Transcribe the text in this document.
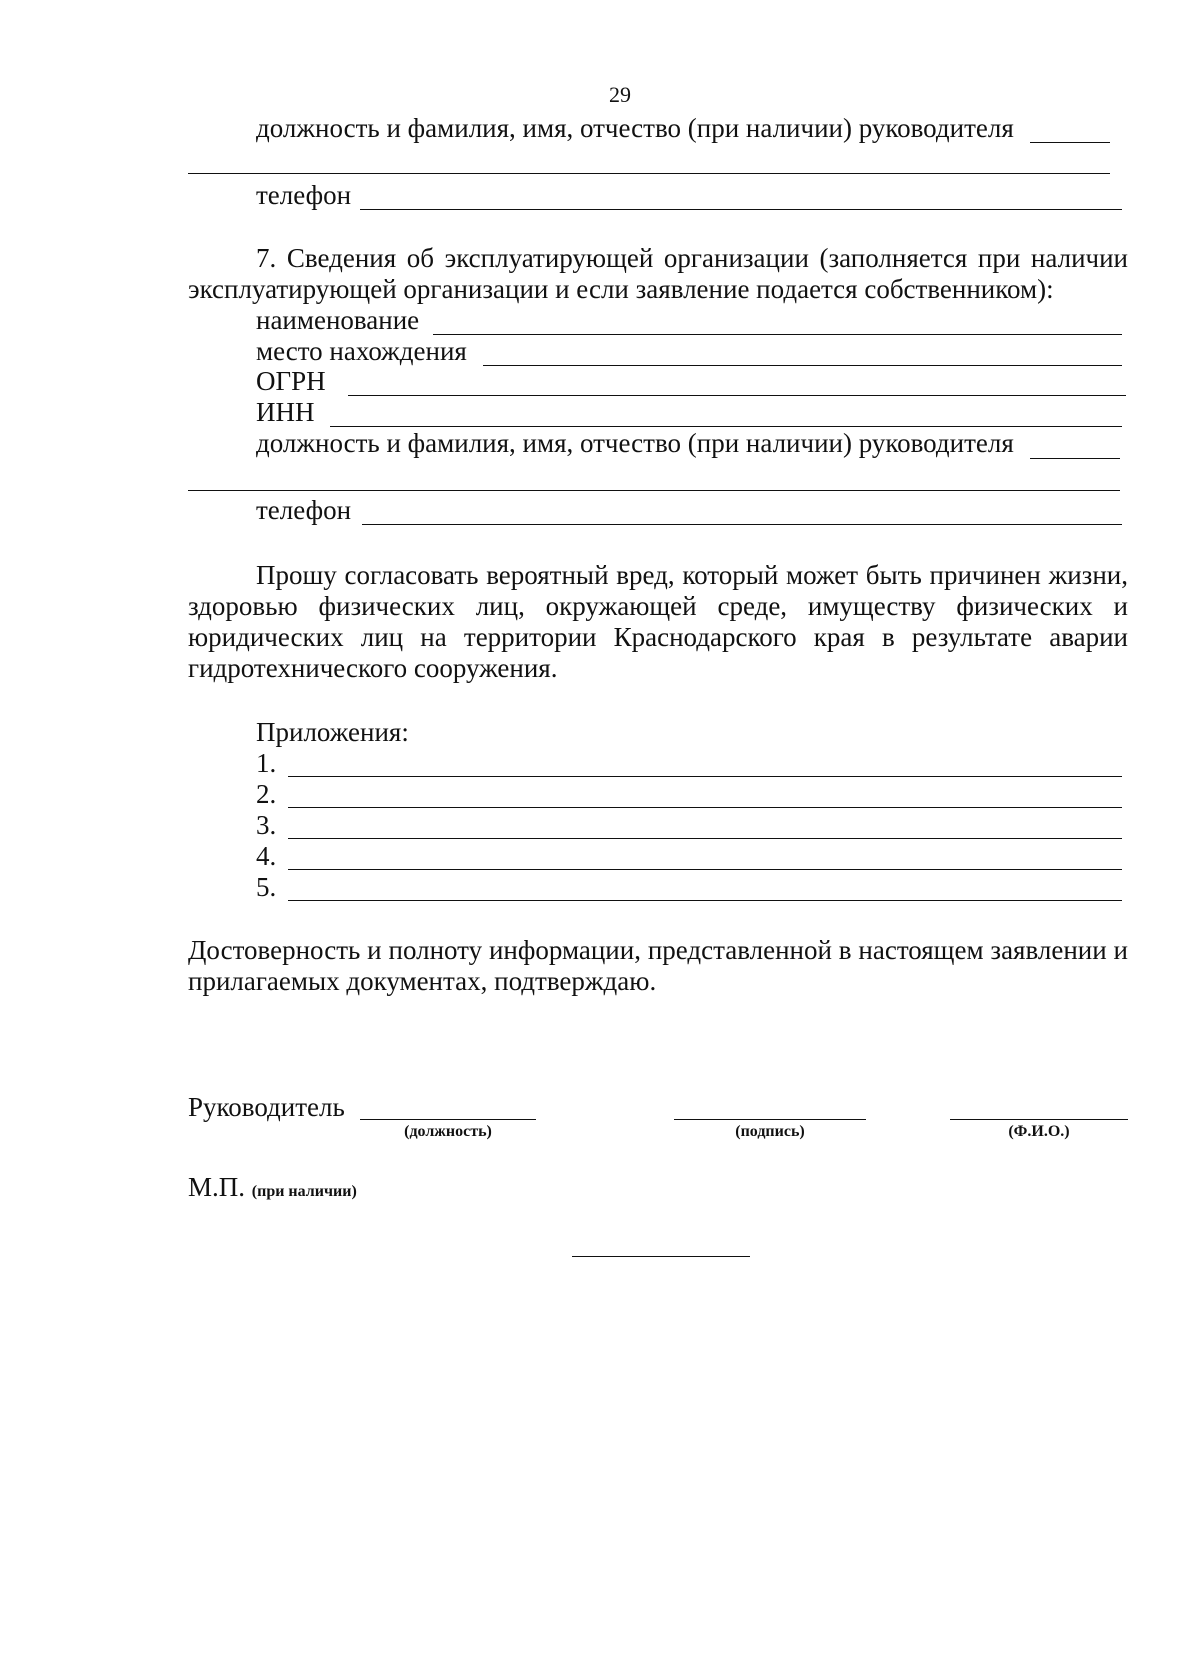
29
должность и фамилия, имя, отчество (при наличии) руководителя
телефон
7. Сведения об эксплуатирующей организации (заполняется при наличии эксплуатирующей организации и если заявление подается собственником):
наименование
место нахождения
ОГРН
ИНН
должность и фамилия, имя, отчество (при наличии) руководителя
телефон
Прошу согласовать вероятный вред, который может быть причинен жизни, здоровью физических лиц, окружающей среде, имуществу физических и юридических лиц на территории Краснодарского края в результате аварии гидротехнического сооружения.
Приложения:
1.
2.
3.
4.
5.
Достоверность и полноту информации, представленной в настоящем заявлении и прилагаемых документах, подтверждаю.
Руководитель
(должность)	(подпись)	(Ф.И.О.)
М.П. (при наличии)
